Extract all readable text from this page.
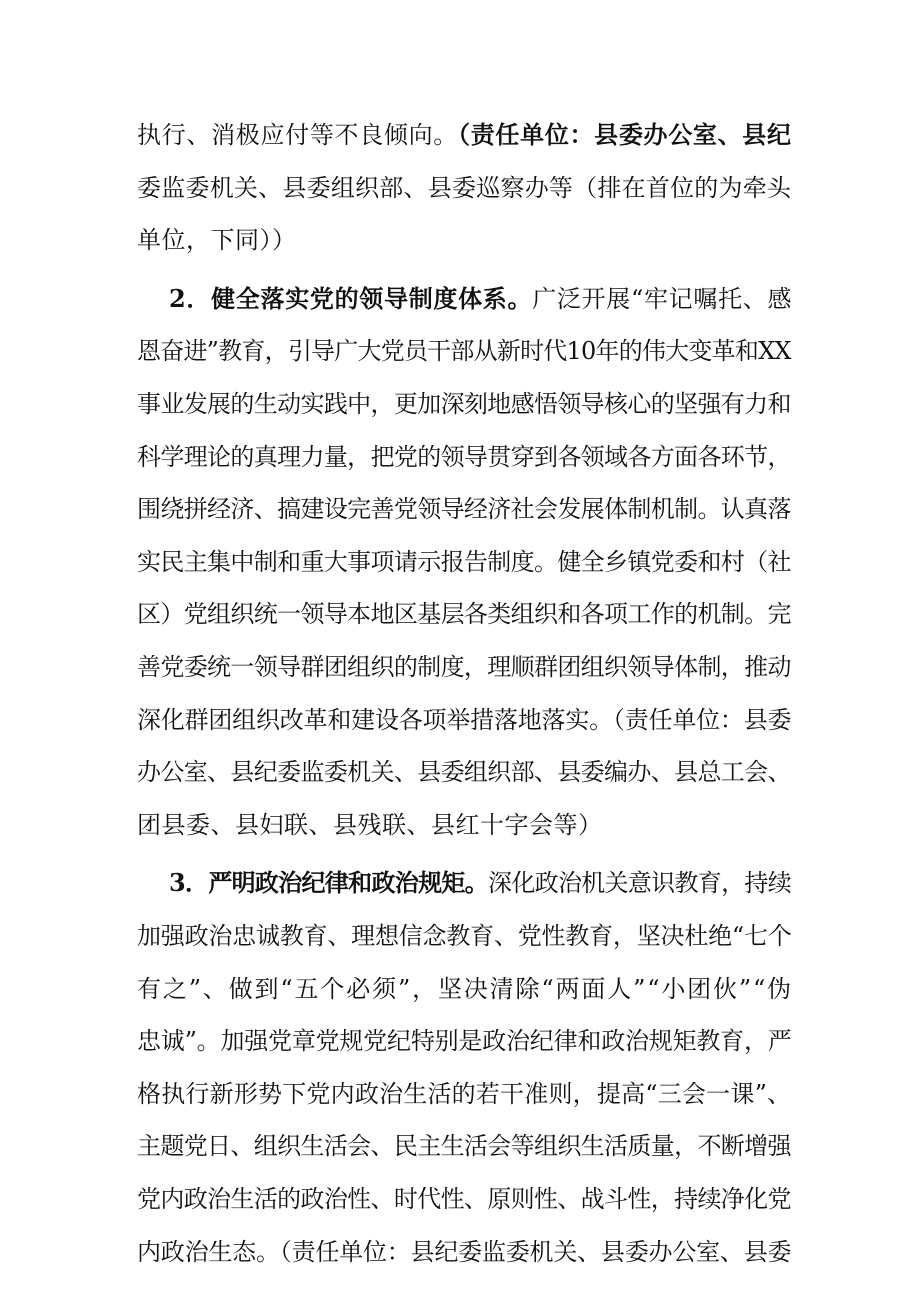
执行、消极应付等不良倾向。（责任单位：县委办公室、县纪
委监委机关、县委组织部、县委巡察办等（排在首位的为牵头
单位，下同））
2．健全落实党的领导制度体系。广泛开展“牢记嘱托、感
恩奋进”教育，引导广大党员干部从新时代10年的伟大变革和XX
事业发展的生动实践中，更加深刻地感悟领导核心的坚强有力和
科学理论的真理力量，把党的领导贯穿到各领域各方面各环节，
围绕拼经济、搞建设完善党领导经济社会发展体制机制。认真落
实民主集中制和重大事项请示报告制度。健全乡镇党委和村（社
区）党组织统一领导本地区基层各类组织和各项工作的机制。完
善党委统一领导群团组织的制度，理顺群团组织领导体制，推动
深化群团组织改革和建设各项举措落地落实。（责任单位：县委
办公室、县纪委监委机关、县委组织部、县委编办、县总工会、
团县委、县妇联、县残联、县红十字会等）
3．严明政治纪律和政治规矩。深化政治机关意识教育，持续
加强政治忠诚教育、理想信念教育、党性教育，坚决杜绝“七个
有之”、做到“五个必须”，坚决清除“两面人”“小团伙”“伪
忠诚”。加强党章党规党纪特别是政治纪律和政治规矩教育，严
格执行新形势下党内政治生活的若干准则，提高“三会一课”、
主题党日、组织生活会、民主生活会等组织生活质量，不断增强
党内政治生活的政治性、时代性、原则性、战斗性，持续净化党
内政治生态。（责任单位：县纪委监委机关、县委办公室、县委
